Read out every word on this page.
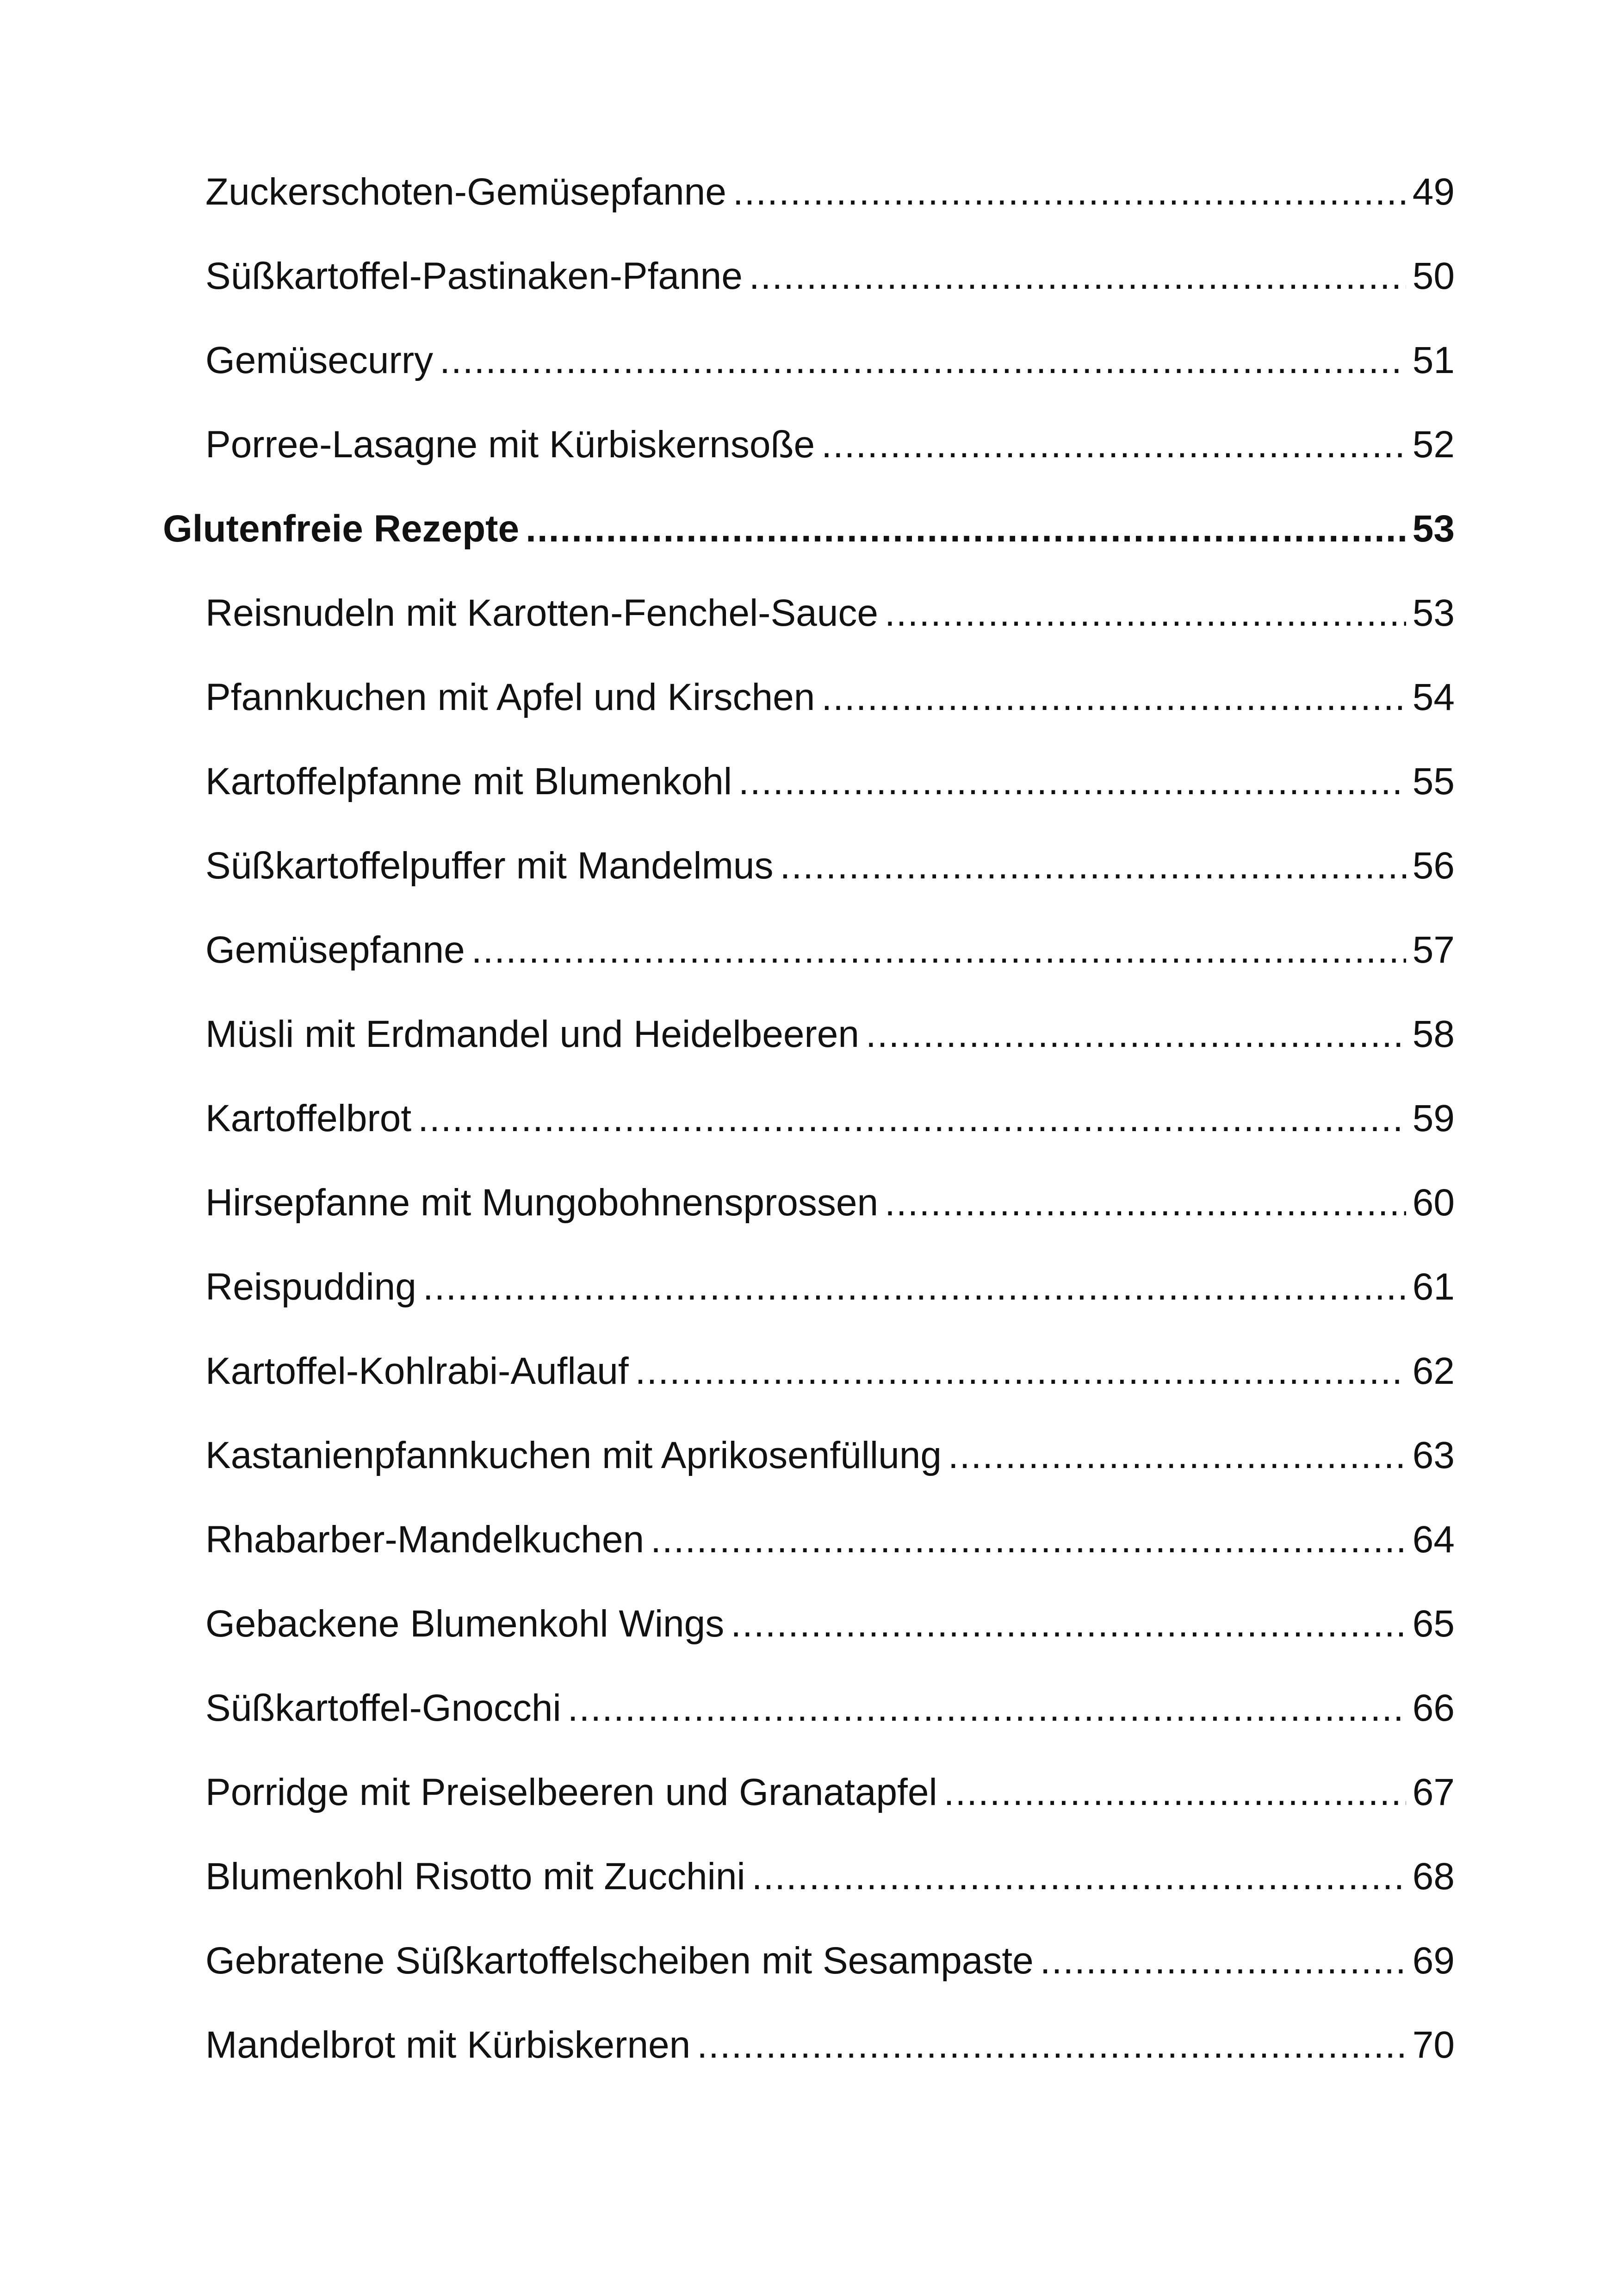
Zuckerschoten-Gemüsepfanne .....	49
Süßkartoffel-Pastinaken-Pfanne .....	50
Gemüsecurry .....	51
Porree-Lasagne mit Kürbiskernsoße .....	52
Glutenfreie Rezepte .....	53
Reisnudeln mit Karotten-Fenchel-Sauce .....	53
Pfannkuchen mit Apfel und Kirschen .....	54
Kartoffelpfanne mit Blumenkohl .....	55
Süßkartoffelpuffer mit Mandelmus .....	56
Gemüsepfanne .....	57
Müsli mit Erdmandel und Heidelbeeren .....	58
Kartoffelbrot .....	59
Hirsepfanne mit Mungobohnensprossen .....	60
Reispudding .....	61
Kartoffel-Kohlrabi-Auflauf .....	62
Kastanienpfannkuchen mit Aprikosenfüllung .....	63
Rhabarber-Mandelkuchen .....	64
Gebackene Blumenkohl Wings .....	65
Süßkartoffel-Gnocchi .....	66
Porridge mit Preiselbeeren und Granatapfel .....	67
Blumenkohl Risotto mit Zucchini .....	68
Gebratene Süßkartoffelscheiben mit Sesampaste .....	69
Mandelbrot mit Kürbiskernen .....	70
